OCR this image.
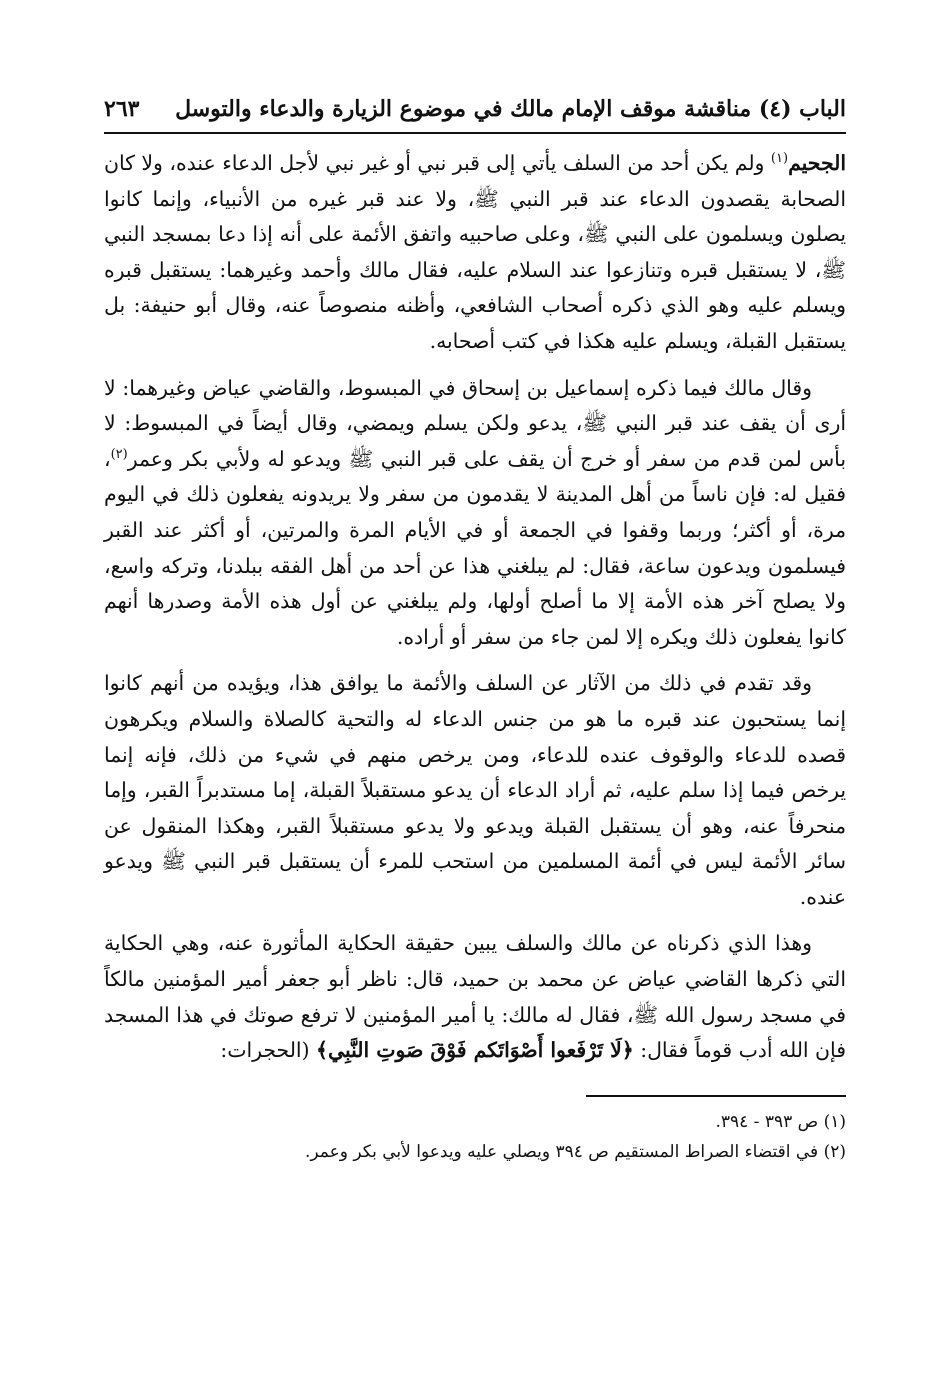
الباب (٤) مناقشة موقف الإمام مالك في موضوع الزيارة والدعاء والتوسل
٢٦٣

الجحيم$^{(١)}$ ولم يكن أحد من السلف يأتي إلى قبر نبي أو غير نبي لأجل الدعاء عنده، ولا كان الصحابة يقصدون الدعاء عند قبر النبي ﷺ، ولا عند قبر غيره من الأنبياء، وإنما كانوا يصلون ويسلمون على النبي ﷺ، وعلى صاحبيه واتفق الأئمة على أنه إذا دعا بمسجد النبي ﷺ، لا يستقبل قبره وتنازعوا عند السلام عليه، فقال مالك وأحمد وغيرهما: يستقبل قبره ويسلم عليه وهو الذي ذكره أصحاب الشافعي، وأظنه منصوصاً عنه، وقال أبو حنيفة: بل يستقبل القبلة، ويسلم عليه هكذا في كتب أصحابه.

وقال مالك فيما ذكره إسماعيل بن إسحاق في المبسوط، والقاضي عياض وغيرهما: لا أرى أن يقف عند قبر النبي ﷺ، يدعو ولكن يسلم ويمضي، وقال أيضاً في المبسوط: لا بأس لمن قدم من سفر أو خرج أن يقف على قبر النبي ﷺ ويدعو له ولأبي بكر وعمر$^{(٢)}$، فقيل له: فإن ناساً من أهل المدينة لا يقدمون من سفر ولا يريدونه يفعلون ذلك في اليوم مرة، أو أكثر؛ وربما وقفوا في الجمعة أو في الأيام المرة والمرتين، أو أكثر عند القبر فيسلمون ويدعون ساعة، فقال: لم يبلغني هذا عن أحد من أهل الفقه ببلدنا، وتركه واسع، ولا يصلح آخر هذه الأمة إلا ما أصلح أولها، ولم يبلغني عن أول هذه الأمة وصدرها أنهم كانوا يفعلون ذلك ويكره إلا لمن جاء من سفر أو أراده.

وقد تقدم في ذلك من الآثار عن السلف والأئمة ما يوافق هذا، ويؤيده من أنهم كانوا إنما يستحبون عند قبره ما هو من جنس الدعاء له والتحية كالصلاة والسلام ويكرهون قصده للدعاء والوقوف عنده للدعاء، ومن يرخص منهم في شيء من ذلك، فإنه إنما يرخص فيما إذا سلم عليه، ثم أراد الدعاء أن يدعو مستقبلاً القبلة، إما مستدبراً القبر، وإما منحرفاً عنه، وهو أن يستقبل القبلة ويدعو ولا يدعو مستقبلاً القبر، وهكذا المنقول عن سائر الأئمة ليس في أئمة المسلمين من استحب للمرء أن يستقبل قبر النبي ﷺ ويدعو عنده.

وهذا الذي ذكرناه عن مالك والسلف يبين حقيقة الحكاية المأثورة عنه، وهي الحكاية التي ذكرها القاضي عياض عن محمد بن حميد، قال: ناظر أبو جعفر أمير المؤمنين مالكاً في مسجد رسول الله ﷺ، فقال له مالك: يا أمير المؤمنين لا ترفع صوتك في هذا المسجد فإن الله أدب قوماً فقال: ﴿لَا تَرْفَعوا أَصْوَاتَكم فَوْقَ صَوتِ النَّبِي﴾ (الحجرات:

(١) ص ٣٩٣ - ٣٩٤.

(٢) في اقتضاء الصراط المستقيم ص ٣٩٤ ويصلي عليه ويدعوا لأبي بكر وعمر.
